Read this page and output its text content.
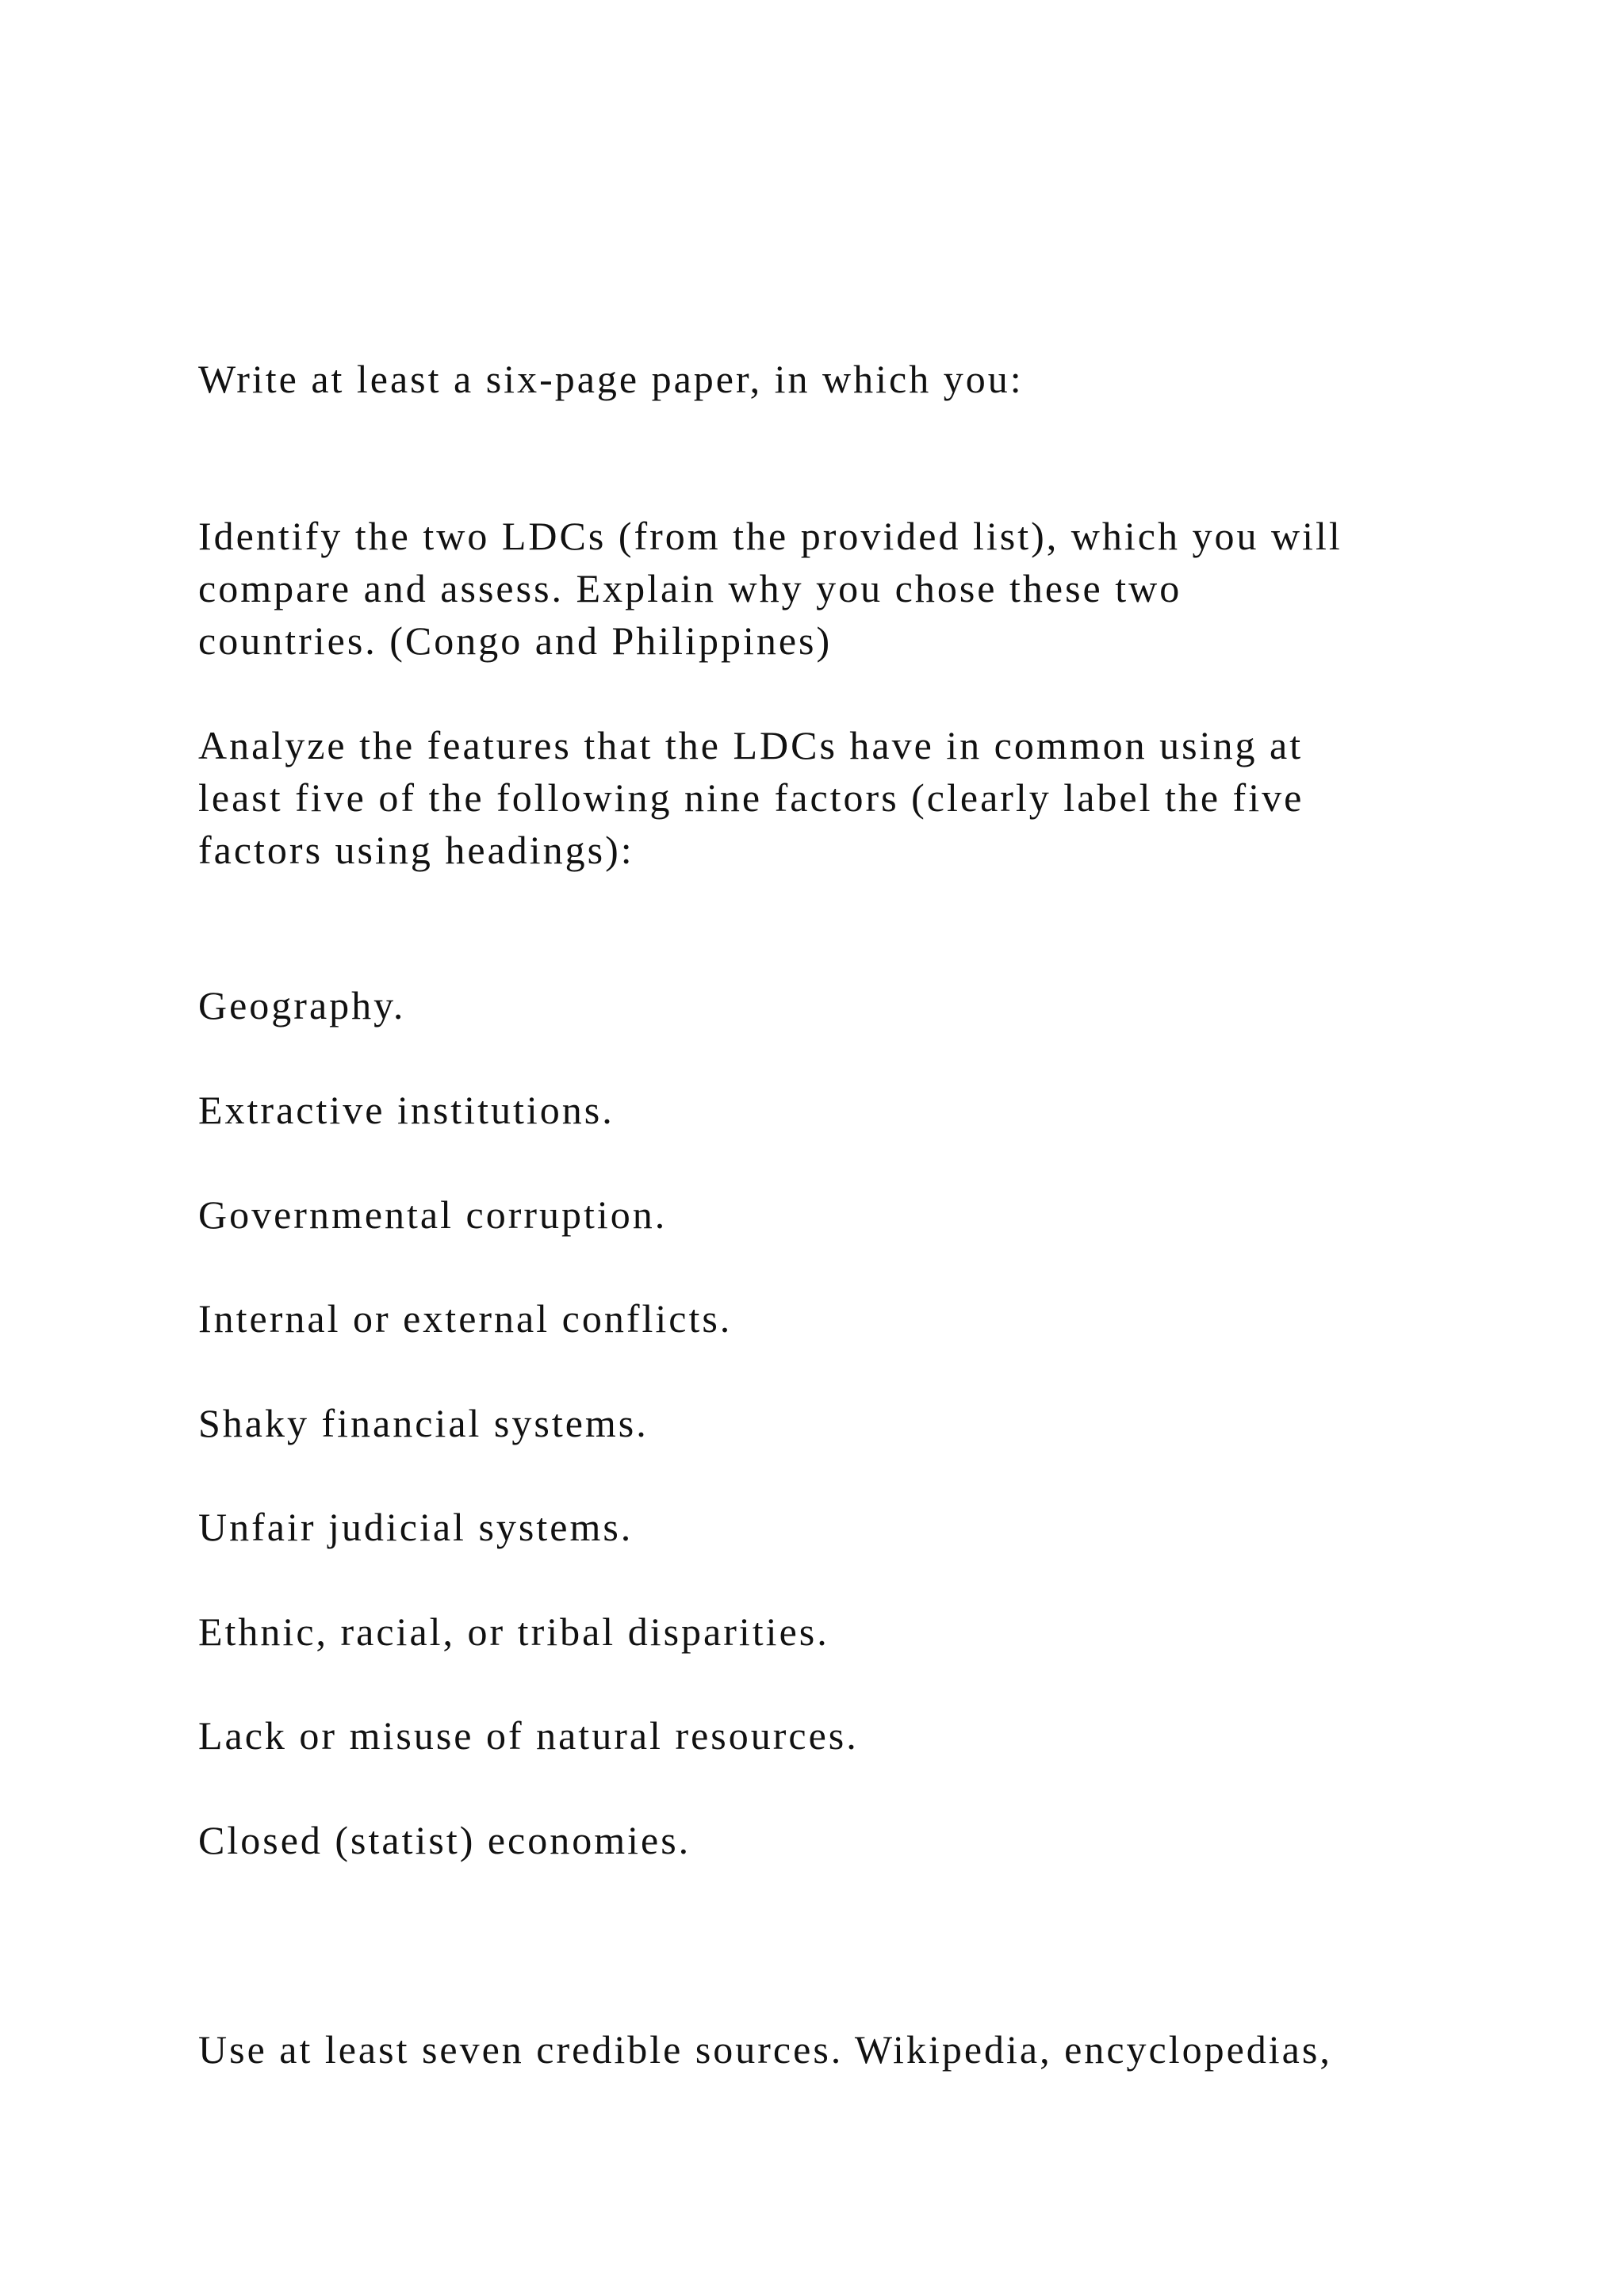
Write at least a six-page paper, in which you:

Identify the two LDCs (from the provided list), which you will

compare and assess. Explain why you chose these two

countries. (Congo and Philippines)

Analyze the features that the LDCs have in common using at

least five of the following nine factors (clearly label the five

factors using headings):

Geography.

Extractive institutions.

Governmental corruption.

Internal or external conflicts.

Shaky financial systems.

Unfair judicial systems.

Ethnic, racial, or tribal disparities.

Lack or misuse of natural resources.

Closed (statist) economies.

Use at least seven credible sources. Wikipedia, encyclopedias,
